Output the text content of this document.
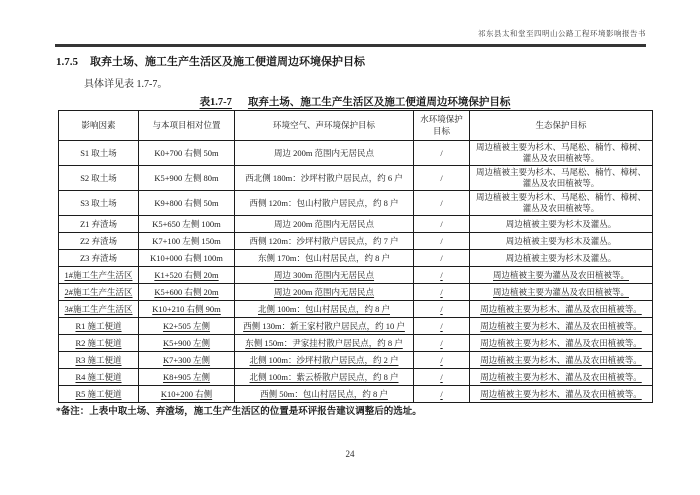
祁东县太和堂至四明山公路工程环境影响报告书
1.7.5 取弃土场、施工生产生活区及施工便道周边环境保护目标
具体详见表 1.7-7。
表1.7-7 取弃土场、施工生产生活区及施工便道周边环境保护目标
影响因素	与本项目相对位置	环境空气、声环境保护目标	水环境保护目标	生态保护目标
S1 取土场	K0+700 右侧 50m	周边 200m 范围内无居民点	/	周边植被主要为杉木、马尾松、楠竹、樟树、灌丛及农田植被等。
S2 取土场	K5+900 左侧 80m	西北侧 180m：沙坪村散户居民点，约 6 户	/	周边植被主要为杉木、马尾松、楠竹、樟树、灌丛及农田植被等。
S3 取土场	K9+800 右侧 50m	西侧 120m：包山村散户居民点，约 8 户	/	周边植被主要为杉木、马尾松、楠竹、樟树、灌丛及农田植被等。
Z1 弃渣场	K5+650 左侧 100m	周边 200m 范围内无居民点	/	周边植被主要为杉木及灌丛。
Z2 弃渣场	K7+100 左侧 150m	西侧 120m：沙坪村散户居民点，约 7 户	/	周边植被主要为杉木及灌丛。
Z3 弃渣场	K10+000 右侧 100m	东侧 170m：包山村居民点，约 8 户	/	周边植被主要为杉木及灌丛。
1#施工生产生活区	K1+520 右侧 20m	周边 300m 范围内无居民点	/	周边植被主要为灌丛及农田植被等。
2#施工生产生活区	K5+600 右侧 20m	周边 200m 范围内无居民点	/	周边植被主要为灌丛及农田植被等。
3#施工生产生活区	K10+210 右侧 90m	北侧 100m：包山村居民点，约 8 户	/	周边植被主要为杉木、灌丛及农田植被等。
R1 施工便道	K2+505 左侧	西侧 130m：新王家村散户居民点，约 10 户	/	周边植被主要为杉木、灌丛及农田植被等。
R2 施工便道	K5+900 左侧	东侧 150m：尹家挂村散户居民点，约 8 户	/	周边植被主要为杉木、灌丛及农田植被等。
R3 施工便道	K7+300 左侧	北侧 100m：沙坪村散户居民点，约 2 户	/	周边植被主要为杉木、灌丛及农田植被等。
R4 施工便道	K8+905 左侧	北侧 100m：紫云桥散户居民点，约 8 户	/	周边植被主要为杉木、灌丛及农田植被等。
R5 施工便道	K10+200 右侧	西侧 50m：包山村居民点，约 8 户	/	周边植被主要为杉木、灌丛及农田植被等。
*备注：上表中取土场、弃渣场，施工生产生活区的位置是环评报告建议调整后的选址。
24
